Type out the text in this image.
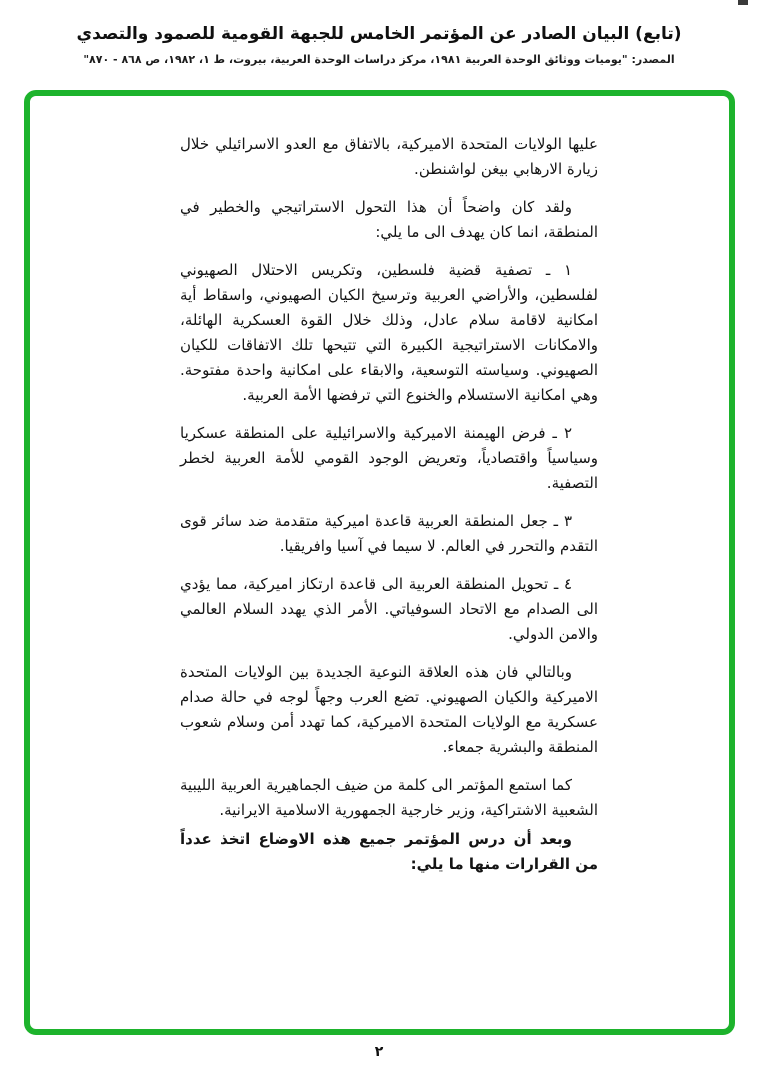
(تابع) البيان الصادر عن المؤتمر الخامس للجبهة القومية للصمود والتصدي

المصدر: "يوميات ووثائق الوحدة العربية ١٩٨١، مركز دراسات الوحدة العربية، بيروت، ط ١، ١٩٨٢، ص ٨٦٨ - ٨٧٠"

عليها الولايات المتحدة الاميركية، بالاتفاق مع العدو الاسرائيلي خلال زيارة الارهابي بيغن لواشنطن.

ولقد كان واضحاً أن هذا التحول الاستراتيجي والخطير في المنطقة، انما كان يهدف الى ما يلي:

١ ـ تصفية قضية فلسطين، وتكريس الاحتلال الصهيوني لفلسطين، والأراضي العربية وترسيخ الكيان الصهيوني، واسقاط أية امكانية لاقامة سلام عادل، وذلك خلال القوة العسكرية الهائلة، والامكانات الاستراتيجية الكبيرة التي تتيحها تلك الاتفاقات للكيان الصهيوني. وسياسته التوسعية، والابقاء على امكانية واحدة مفتوحة. وهي امكانية الاستسلام والخنوع التي ترفضها الأمة العربية.

٢ ـ فرض الهيمنة الاميركية والاسرائيلية على المنطقة عسكريا وسياسياً واقتصادياً، وتعريض الوجود القومي للأمة العربية لخطر التصفية.

٣ ـ جعل المنطقة العربية قاعدة اميركية متقدمة ضد سائر قوى التقدم والتحرر في العالم. لا سيما في آسيا وافريقيا.

٤ ـ تحويل المنطقة العربية الى قاعدة ارتكاز اميركية، مما يؤدي الى الصدام مع الاتحاد السوفياتي. الأمر الذي يهدد السلام العالمي والامن الدولي.

وبالتالي فان هذه العلاقة النوعية الجديدة بين الولايات المتحدة الاميركية والكيان الصهيوني. تضع العرب وجهاً لوجه في حالة صدام عسكرية مع الولايات المتحدة الاميركية، كما تهدد أمن وسلام شعوب المنطقة والبشرية جمعاء.

كما استمع المؤتمر الى كلمة من ضيف الجماهيرية العربية الليبية الشعبية الاشتراكية، وزير خارجية الجمهورية الاسلامية الايرانية.

وبعد أن درس المؤتمر جميع هذه الاوضاع اتخذ عدداً من القرارات منها ما يلي:

٢
